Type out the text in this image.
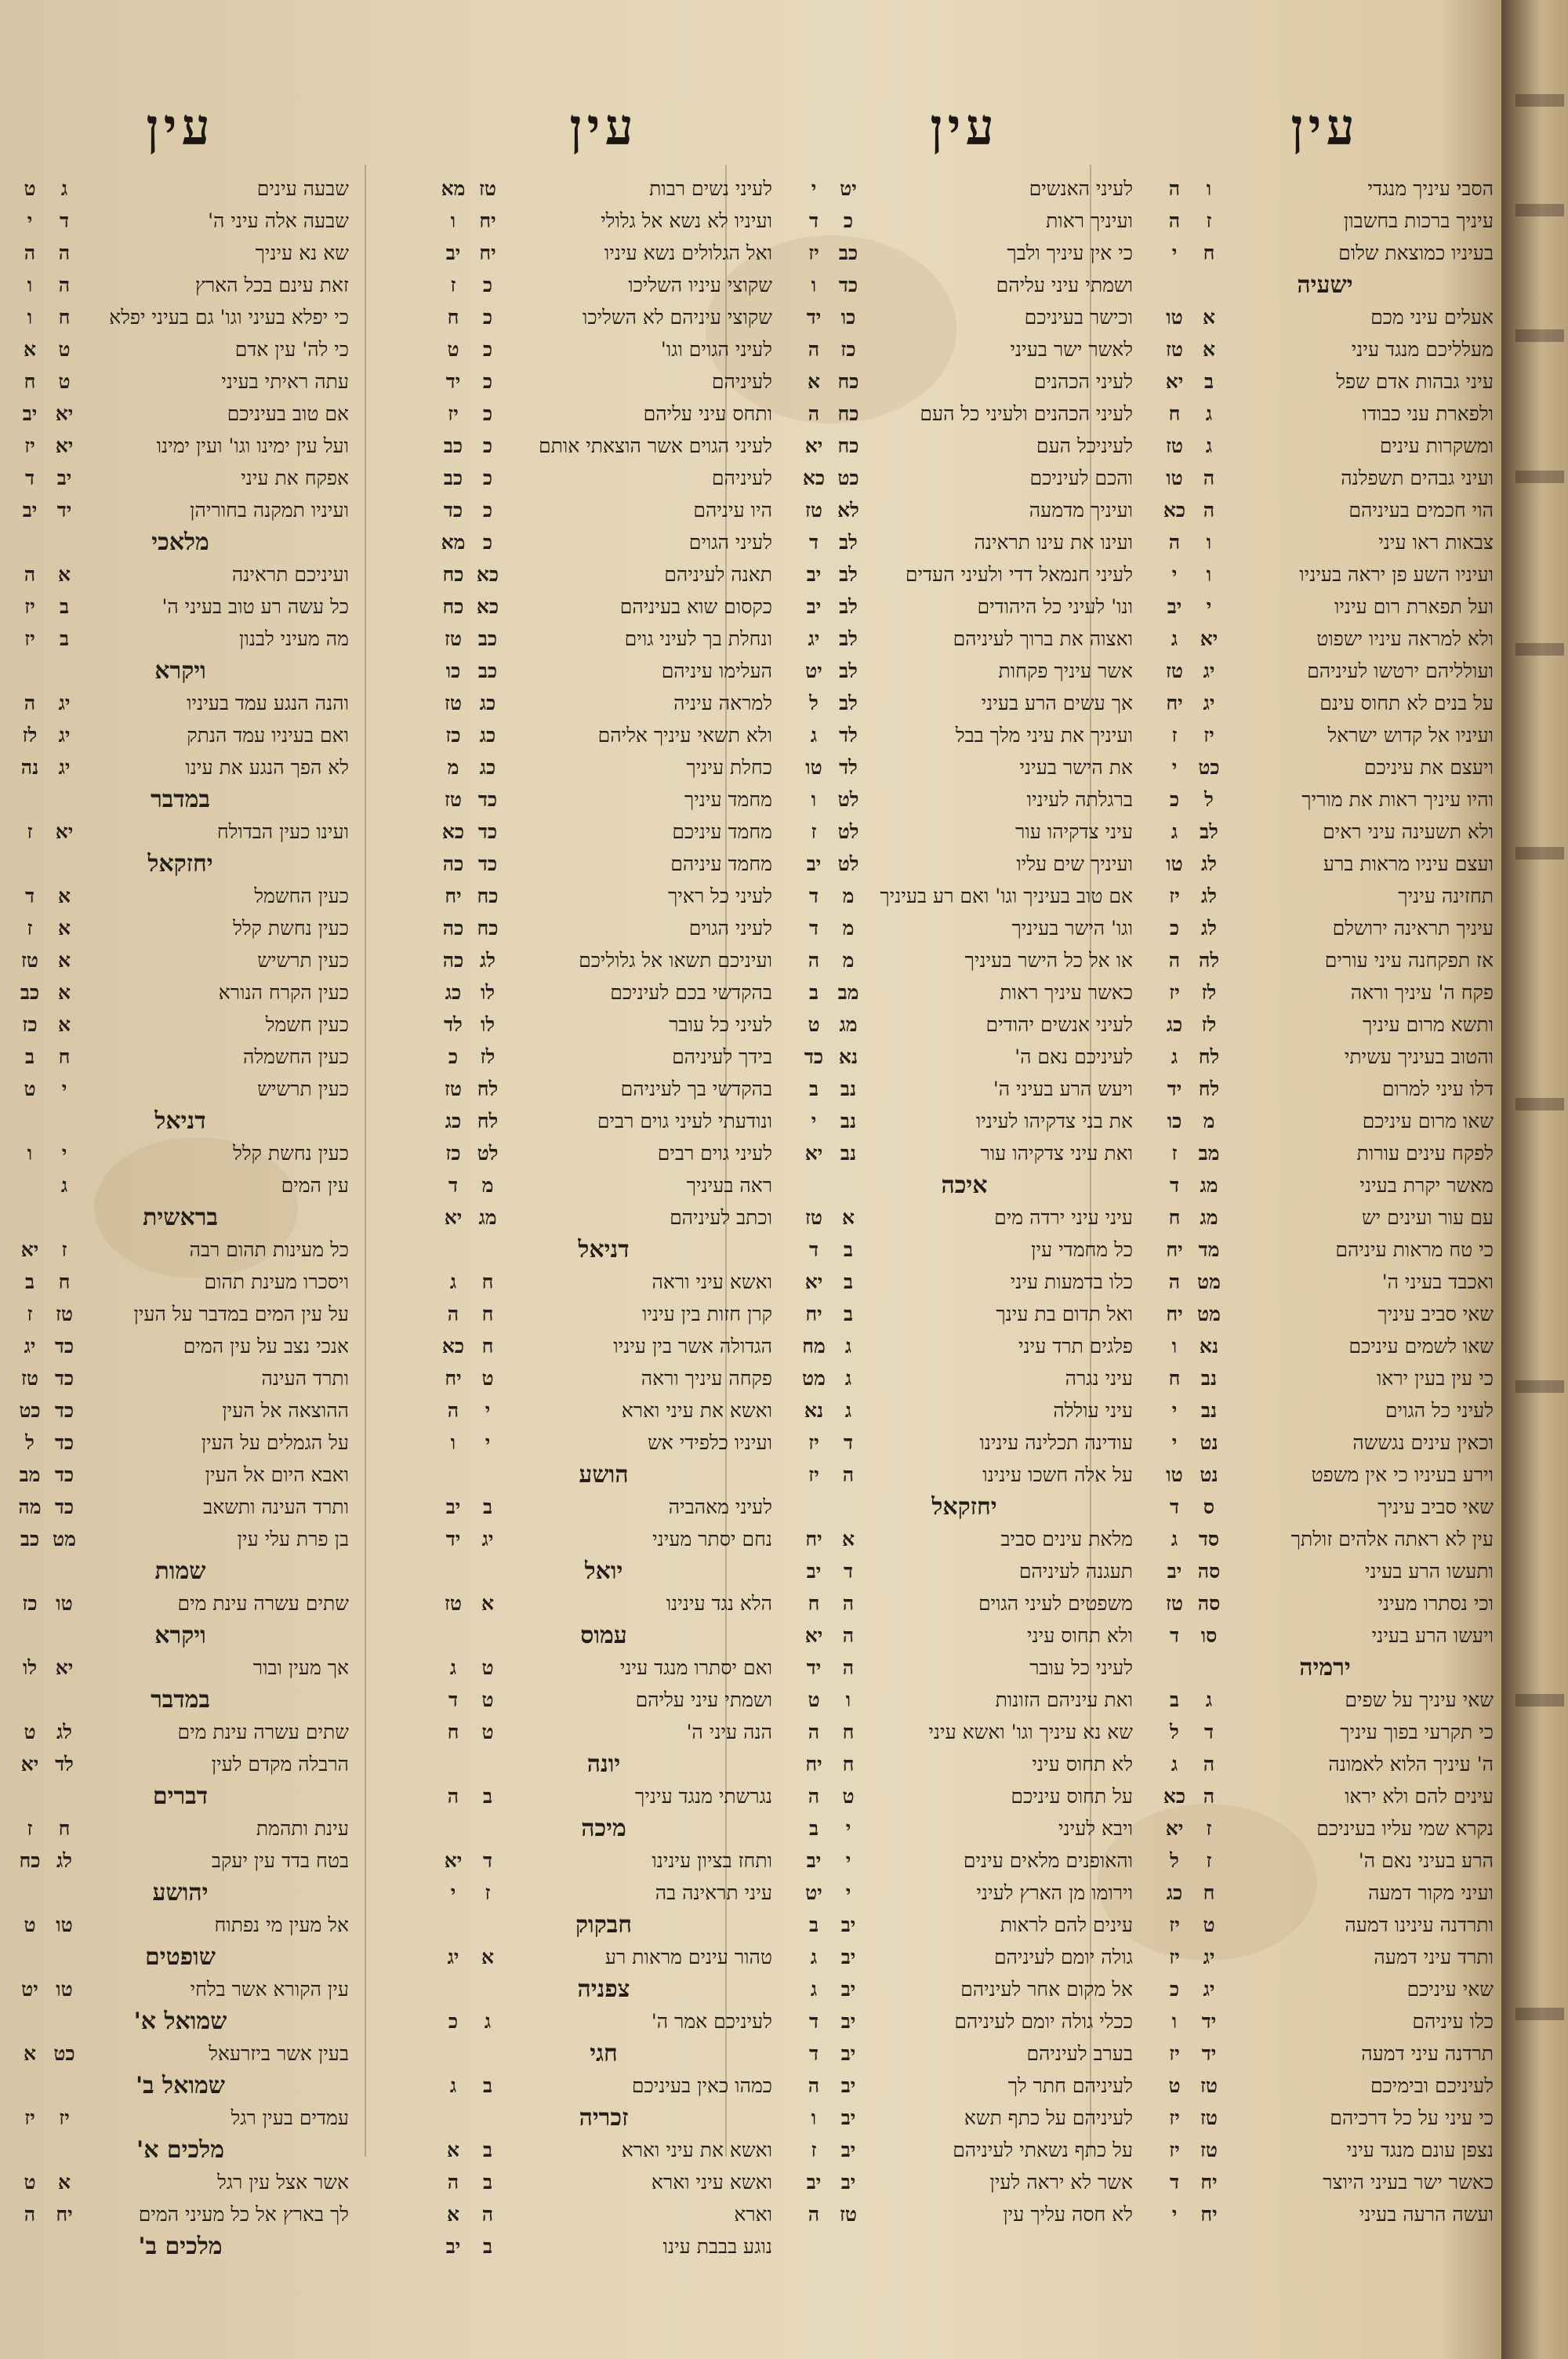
עין
הסבי עיניך מנגדי
ו
ה
עיניך ברכות בחשבון
ז
ה
בעיניו כמוצאת שלום
ח
י
ישעיה
אעלים עיני מכם
א
טו
מעלליכם מנגד עיני
א
טז
עיני גבהות אדם שפל
ב
יא
ולפארת עני כבודו
ג
ח
ומשקרות עינים
ג
טז
ועיני גבהים תשפלנה
ה
טו
הוי חכמים בעיניהם
ה
כא
צבאות ראו עיני
ו
ה
ועיניו השע פן יראה בעיניו
ו
י
ועל תפארת רום עיניו
י
יב
ולא למראה עיניו ישפוט
יא
ג
ועולליהם ירטשו לעיניהם
יג
טז
על בנים לא תחוס עינם
יג
יח
ועיניו אל קדוש ישראל
יז
ז
ויעצם את עיניכם
כט
י
והיו עיניך ראות את מוריך
ל
כ
ולא תשעינה עיני ראים
לב
ג
ועצם עיניו מראות ברע
לג
טו
תחזינה עיניך
לג
יז
עיניך תראינה ירושלם
לג
כ
אז תפקחנה עיני עורים
לה
ה
פקח ה' עיניך וראה
לז
יז
ותשא מרום עיניך
לז
כג
והטוב בעיניך עשיתי
לח
ג
דלו עיני למרום
לח
יד
שאו מרום עיניכם
מ
כו
לפקח עינים עורות
מב
ז
מאשר יקרת בעיני
מג
ד
עם עור ועינים יש
מג
ח
כי טח מראות עיניהם
מד
יח
ואכבד בעיני ה'
מט
ה
שאי סביב עיניך
מט
יח
שאו לשמים עיניכם
נא
ו
כי עין בעין יראו
נב
ח
לעיני כל הגוים
נב
י
וכאין עינים נגששה
נט
י
וירע בעיניו כי אין משפט
נט
טו
שאי סביב עיניך
ס
ד
עין לא ראתה אלהים זולתך
סד
ג
ותעשו הרע בעיני
סה
יב
וכי נסתרו מעיני
סה
טז
ויעשו הרע בעיני
סו
ד
ירמיה
שאי עיניך על שפים
ג
ב
כי תקרעי בפוך עיניך
ד
ל
ה' עיניך הלוא לאמונה
ה
ג
עינים להם ולא יראו
ה
כא
נקרא שמי עליו בעיניכם
ז
יא
הרע בעיני נאם ה'
ז
ל
ועיני מקור דמעה
ח
כג
ותרדנה עינינו דמעה
ט
יז
ותרד עיני דמעה
יג
יז
שאי עיניכם
יג
כ
כלו עיניהם
יד
ו
תרדנה עיני דמעה
יד
יז
לעיניכם ובימיכם
טז
ט
כי עיני על כל דרכיהם
טז
יז
נצפן עונם מנגד עיני
טז
יז
כאשר ישר בעיני היוצר
יח
ד
ועשה הרעה בעיני
יח
י
עין
לעיני האנשים
יט
י
ועיניך ראות
כ
ד
כי אין עיניך ולבך
כב
יז
ושמתי עיני עליהם
כד
ו
וכישר בעיניכם
כו
יד
לאשר ישר בעיני
כז
ה
לעיני הכהנים
כח
א
לעיני הכהנים ולעיני כל העם
כח
ה
לעיניכל העם
כח
יא
והכם לעיניכם
כט
כא
ועיניך מדמעה
לא
טז
ועינו את עינו תראינה
לב
ד
לעיני חנמאל דדי ולעיני העדים
לב
יב
ונו' לעיני כל היהודים
לב
יב
ואצוה את ברוך לעיניהם
לב
יג
אשר עיניך פקחות
לב
יט
אך עשים הרע בעיני
לב
ל
ועיניך את עיני מלך בבל
לד
ג
את הישר בעיני
לד
טו
ברגלתה לעיניו
לט
ו
עיני צדקיהו עור
לט
ז
ועיניך שים עליו
לט
יב
אם טוב בעיניך וגו' ואם רע בעיניך
מ
ד
וגו' הישר בעיניך
מ
ד
או אל כל הישר בעיניך
מ
ה
כאשר עיניך ראות
מב
ב
לעיני אנשים יהודים
מג
ט
לעיניכם נאם ה'
נא
כד
ויעש הרע בעיני ה'
נב
ב
את בני צדקיהו לעיניו
נב
י
ואת עיני צדקיהו עור
נב
יא
איכה
עיני עיני ירדה מים
א
טז
כל מחמדי עין
ב
ד
כלו בדמעות עיני
ב
יא
ואל תדום בת עינך
ב
יח
פלגים תרד עיני
ג
מח
עיני נגרה
ג
מט
עיני עוללה
ג
נא
עודינה תכלינה עינינו
ד
יז
על אלה חשכו עינינו
ה
יז
יחזקאל
מלאת עינים סביב
א
יח
תעגנה לעיניהם
ד
יב
משפטים לעיני הגוים
ה
ח
ולא תחוס עיני
ה
יא
לעיני כל עובר
ה
יד
ואת עיניהם הזונות
ו
ט
שא נא עיניך וגו' ואשא עיני
ח
ה
לא תחוס עיני
ח
יח
על תחוס עיניכם
ט
ה
ויבא לעיני
י
ב
והאופנים מלאים עינים
י
יב
וירומו מן הארץ לעיני
י
יט
עינים להם לראות
יב
ב
גולה יומם לעיניהם
יב
ג
אל מקום אחר לעיניהם
יב
ג
ככלי גולה יומם לעיניהם
יב
ד
בערב לעיניהם
יב
ד
לעיניהם חתר לך
יב
ה
לעיניהם על כתף תשא
יב
ו
על כתף נשאתי לעיניהם
יב
ז
אשר לא יראה לעין
יב
יב
לא חסה עליך עין
טז
ה
עין
לעיני נשים רבות
טז
מא
ועיניו לא נשא אל גלולי
יח
ו
ואל הגלולים נשא עיניו
יח
יב
שקוצי עיניו השליכו
כ
ז
שקוצי עיניהם לא השליכו
כ
ח
לעיני הגוים וגו'
כ
ט
לעיניהם
כ
יד
ותחס עיני עליהם
כ
יז
לעיני הגוים אשר הוצאתי אותם
כ
כב
לעיניהם
כ
כב
היו עיניהם
כ
כד
לעיני הגוים
כ
מא
תאנה לעיניהם
כא
כח
כקסום שוא בעיניהם
כא
כח
ונחלת בך לעיני גוים
כב
טז
העלימו עיניהם
כב
כו
למראה עיניה
כג
טז
ולא תשאי עיניך אליהם
כג
כז
כחלת עיניך
כג
מ
מחמד עיניך
כד
טז
מחמד עיניכם
כד
כא
מחמד עיניהם
כד
כה
לעיני כל ראיך
כח
יח
לעיני הגוים
כח
כה
ועיניכם תשאו אל גלוליכם
לג
כה
בהקדשי בכם לעיניכם
לו
כג
לעיני כל עובר
לו
לד
בידך לעיניהם
לז
כ
בהקדשי בך לעיניהם
לח
טז
ונודעתי לעיני גוים רבים
לח
כג
לעיני גוים רבים
לט
כז
ראה בעיניך
מ
ד
וכתב לעיניהם
מג
יא
דניאל
ואשא עיני וראה
ח
ג
קרן חזות בין עיניו
ח
ה
הגדולה אשר בין עיניו
ח
כא
פקחה עיניך וראה
ט
יח
ואשא את עיני וארא
י
ה
ועיניו כלפידי אש
י
ו
הושע
לעיני מאהביה
ב
יב
נחם יסתר מעיני
יג
יד
יואל
הלא נגד עינינו
א
טז
עמוס
ואם יסתרו מנגד עיני
ט
ג
ושמתי עיני עליהם
ט
ד
הנה עיני ה'
ט
ח
יונה
נגרשתי מנגד עיניך
ב
ה
מיכה
ותחז בציון עינינו
ד
יא
עיני תראינה בה
ז
י
חבקוק
טהור עינים מראות רע
א
יג
צפניה
לעיניכם אמר ה'
ג
כ
חגי
כמהו כאין בעיניכם
ב
ג
זכריה
ואשא את עיני וארא
ב
א
ואשא עיני וארא
ב
ה
וארא
ה
א
נוגע בבבת עינו
ב
יב
עין
שבעה עינים
ג
ט
שבעה אלה עיני ה'
ד
י
שא נא עיניך
ה
ה
זאת עינם בכל הארץ
ה
ו
כי יפלא בעיני וגו' גם בעיני יפלא
ח
ו
כי לה' עין אדם
ט
א
עתה ראיתי בעיני
ט
ח
אם טוב בעיניכם
יא
יב
ועל עין ימינו וגו' ועין ימינו
יא
יז
אפקח את עיני
יב
ד
ועיניו תמקנה בחוריהן
יד
יב
מלאכי
ועיניכם תראינה
א
ה
כל עשה רע טוב בעיני ה'
ב
יז
מה מעיני לבנון
ב
יז
ויקרא
והנה הנגע עמד בעיניו
יג
ה
ואם בעיניו עמד הנתק
יג
לז
לא הפך הנגע את עינו
יג
נה
במדבר
ועינו כעין הבדולח
יא
ז
יחזקאל
כעין החשמל
א
ד
כעין נחשת קלל
א
ז
כעין תרשיש
א
טז
כעין הקרח הנורא
א
כב
כעין חשמל
א
כז
כעין החשמלה
ח
ב
כעין תרשיש
י
ט
דניאל
כעין נחשת קלל
י
ו
עין המים
ג
בראשית
כל מעינות תהום רבה
ז
יא
ויסכרו מעינת תהום
ח
ב
על עין המים במדבר על העין
טז
ז
אנכי נצב על עין המים
כד
יג
ותרד העינה
כד
טז
ההוצאה אל העין
כד
כט
על הגמלים על העין
כד
ל
ואבא היום אל העין
כד
מב
ותרד העינה ותשאב
כד
מה
בן פרת עלי עין
מט
כב
שמות
שתים עשרה עינת מים
טו
כז
ויקרא
אך מעין ובור
יא
לו
במדבר
שתים עשרה עינת מים
לג
ט
הרבלה מקדם לעין
לד
יא
דברים
עינת ותהמת
ח
ז
בטח בדד עין יעקב
לג
כח
יהושע
אל מעין מי נפתוח
טו
ט
שופטים
עין הקורא אשר בלחי
טו
יט
שמואל א'
בעין אשר ביזרעאל
כט
א
שמואל ב'
עמדים בעין רגל
יז
יז
מלכים א'
אשר אצל עין רגל
א
ט
לך בארץ אל כל מעיני המים
יח
ה
מלכים ב'
